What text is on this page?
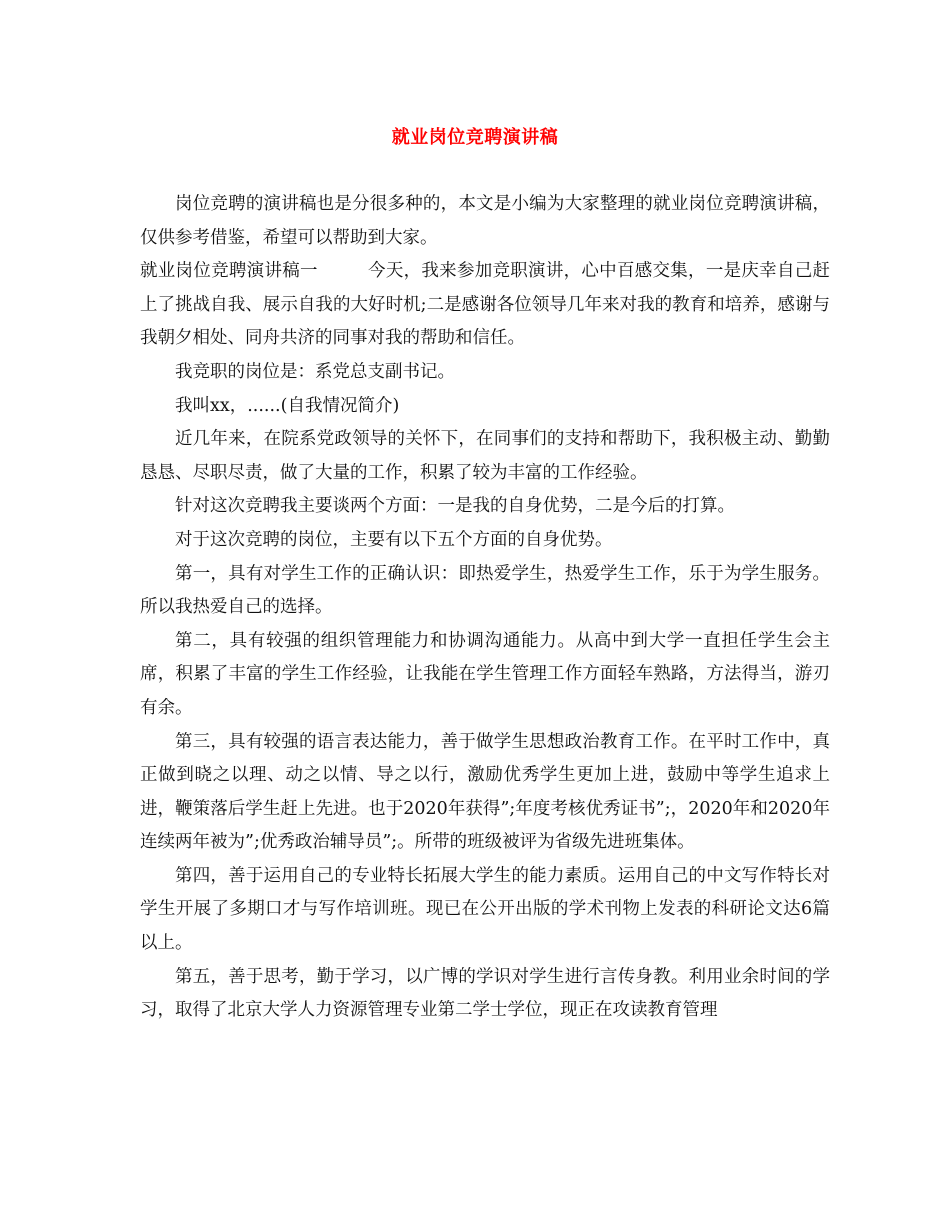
就业岗位竞聘演讲稿

岗位竞聘的演讲稿也是分很多种的，本文是小编为大家整理的就业岗位竞聘演讲稿，仅供参考借鉴，希望可以帮助到大家。

就业岗位竞聘演讲稿一	今天，我来参加竞职演讲，心中百感交集，一是庆幸自己赶上了挑战自我、展示自我的大好时机;二是感谢各位领导几年来对我的教育和培养，感谢与我朝夕相处、同舟共济的同事对我的帮助和信任。

我竞职的岗位是：系党总支副书记。

我叫xx，......(自我情况简介)

近几年来，在院系党政领导的关怀下，在同事们的支持和帮助下，我积极主动、勤勤恳恳、尽职尽责，做了大量的工作，积累了较为丰富的工作经验。

针对这次竞聘我主要谈两个方面：一是我的自身优势，二是今后的打算。

对于这次竞聘的岗位，主要有以下五个方面的自身优势。

第一，具有对学生工作的正确认识：即热爱学生，热爱学生工作，乐于为学生服务。所以我热爱自己的选择。

第二，具有较强的组织管理能力和协调沟通能力。从高中到大学一直担任学生会主席，积累了丰富的学生工作经验，让我能在学生管理工作方面轻车熟路，方法得当，游刃有余。

第三，具有较强的语言表达能力，善于做学生思想政治教育工作。在平时工作中，真正做到晓之以理、动之以情、导之以行，激励优秀学生更加上进，鼓励中等学生追求上进，鞭策落后学生赶上先进。也于2020年获得”;年度考核优秀证书”;，2020年和2020年连续两年被为”;优秀政治辅导员”;。所带的班级被评为省级先进班集体。

第四，善于运用自己的专业特长拓展大学生的能力素质。运用自己的中文写作特长对学生开展了多期口才与写作培训班。现已在公开出版的学术刊物上发表的科研论文达6篇以上。

第五，善于思考，勤于学习，以广博的学识对学生进行言传身教。利用业余时间的学习，取得了北京大学人力资源管理专业第二学士学位，现正在攻读教育管理
